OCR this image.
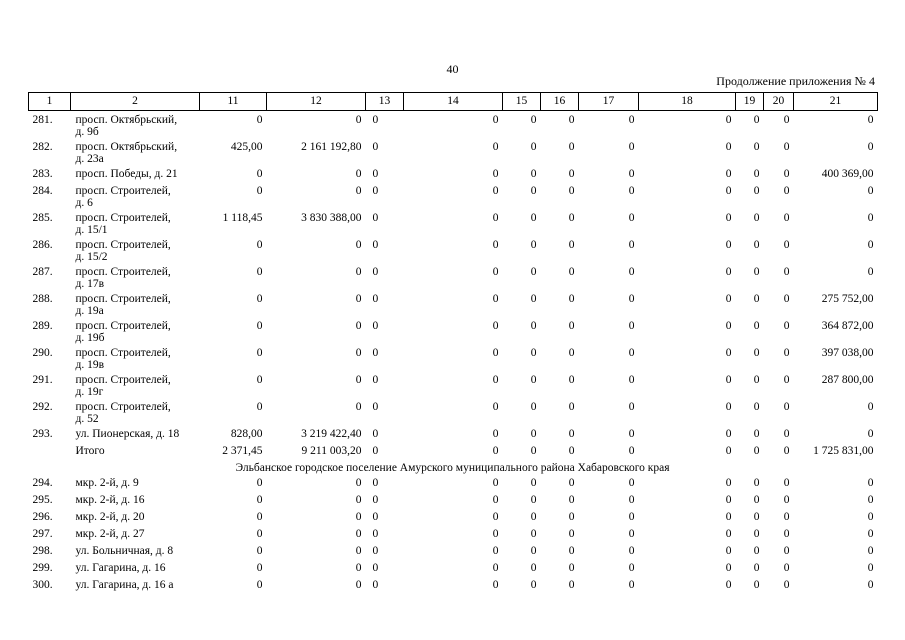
40
Продолжение приложения № 4
1	2	11	12	13	14	15	16	17	18	19	20	21
281.	просп. Октябрьский,
д. 9б	0	0	0	0	0	0	0	0	0	0	0
282.	просп. Октябрьский,
д. 23а	425,00	2 161 192,80	0	0	0	0	0	0	0	0	0
283.	просп. Победы, д. 21	0	0	0	0	0	0	0	0	0	0	400 369,00
284.	просп. Строителей,
д. 6	0	0	0	0	0	0	0	0	0	0	0
285.	просп. Строителей,
д. 15/1	1 118,45	3 830 388,00	0	0	0	0	0	0	0	0	0
286.	просп. Строителей,
д. 15/2	0	0	0	0	0	0	0	0	0	0	0
287.	просп. Строителей,
д. 17в	0	0	0	0	0	0	0	0	0	0	0
288.	просп. Строителей,
д. 19а	0	0	0	0	0	0	0	0	0	0	275 752,00
289.	просп. Строителей,
д. 19б	0	0	0	0	0	0	0	0	0	0	364 872,00
290.	просп. Строителей,
д. 19в	0	0	0	0	0	0	0	0	0	0	397 038,00
291.	просп. Строителей,
д. 19г	0	0	0	0	0	0	0	0	0	0	287 800,00
292.	просп. Строителей,
д. 52	0	0	0	0	0	0	0	0	0	0	0
293.	ул. Пионерская, д. 18	828,00	3 219 422,40	0	0	0	0	0	0	0	0	0
	Итого	2 371,45	9 211 003,20	0	0	0	0	0	0	0	0	1 725 831,00
Эльбанское городское поселение Амурского муниципального района Хабаровского края												
294.	мкр. 2-й, д. 9	0	0	0	0	0	0	0	0	0	0	0
295.	мкр. 2-й, д. 16	0	0	0	0	0	0	0	0	0	0	0
296.	мкр. 2-й, д. 20	0	0	0	0	0	0	0	0	0	0	0
297.	мкр. 2-й, д. 27	0	0	0	0	0	0	0	0	0	0	0
298.	ул. Больничная, д. 8	0	0	0	0	0	0	0	0	0	0	0
299.	ул. Гагарина, д. 16	0	0	0	0	0	0	0	0	0	0	0
300.	ул. Гагарина, д. 16 а	0	0	0	0	0	0	0	0	0	0	0
